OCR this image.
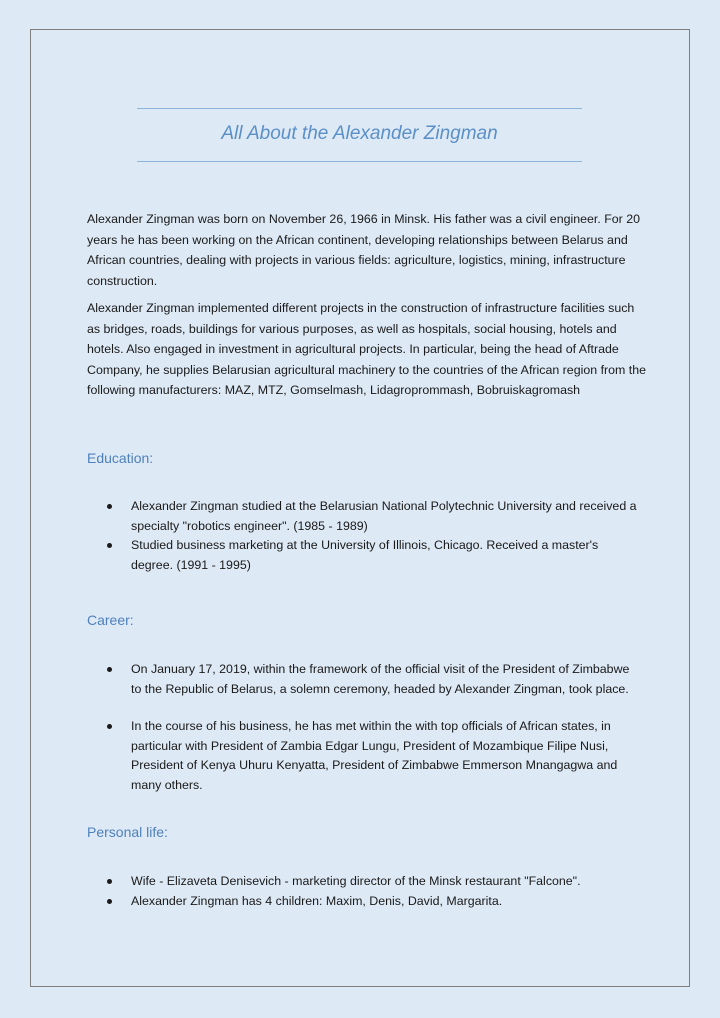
All About the Alexander Zingman

Alexander Zingman was born on November 26, 1966 in Minsk. His father was a civil engineer. For 20 years he has been working on the African continent, developing relationships between Belarus and African countries, dealing with projects in various fields: agriculture, logistics, mining, infrastructure construction.

Alexander Zingman implemented different projects in the construction of infrastructure facilities such as bridges, roads, buildings for various purposes, as well as hospitals, social housing, hotels and hotels. Also engaged in investment in agricultural projects. In particular, being the head of Aftrade Company, he supplies Belarusian agricultural machinery to the countries of the African region from the following manufacturers: MAZ, MTZ, Gomselmash, Lidagroprommash, Bobruiskagromash

Education:
Alexander Zingman studied at the Belarusian National Polytechnic University and received a specialty "robotics engineer". (1985 - 1989)
Studied business marketing at the University of Illinois, Chicago. Received a master's degree. (1991 - 1995)
Career:
On January 17, 2019, within the framework of the official visit of the President of Zimbabwe to the Republic of Belarus, a solemn ceremony, headed by Alexander Zingman, took place.
In the course of his business, he has met within the with top officials of African states, in particular with President of Zambia Edgar Lungu, President of Mozambique Filipe Nusi, President of Kenya Uhuru Kenyatta, President of Zimbabwe Emmerson Mnangagwa and many others.
Personal life:
Wife - Elizaveta Denisevich - marketing director of the Minsk restaurant "Falcone".
Alexander Zingman has 4 children: Maxim, Denis, David, Margarita.
